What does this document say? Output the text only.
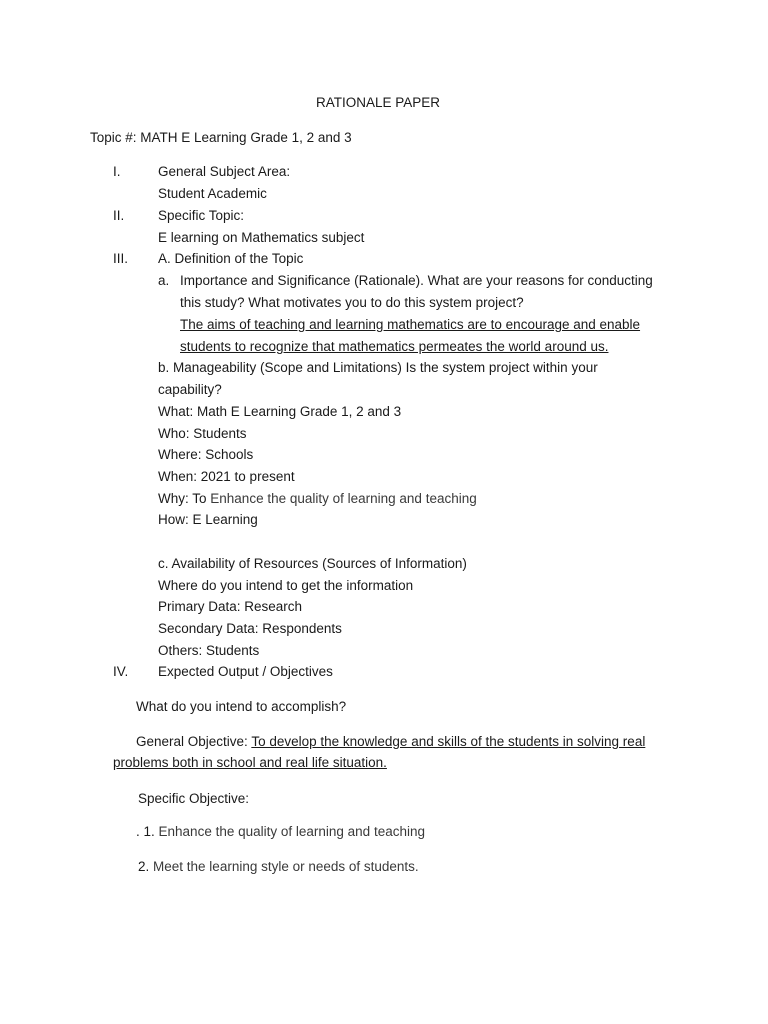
RATIONALE PAPER
Topic #: MATH E Learning Grade 1, 2 and 3
I.	General Subject Area:
Student Academic
II. Specific Topic:
E learning on Mathematics subject
III. A. Definition of the Topic
a. Importance and Significance (Rationale). What are your reasons for conducting
this study? What motivates you to do this system project?
The aims of teaching and learning mathematics are to encourage and enable
students to recognize that mathematics permeates the world around us.
b. Manageability (Scope and Limitations) Is the system project within your
capability?
What: Math E Learning Grade 1, 2 and 3
Who: Students
Where: Schools
When: 2021 to present
Why: To Enhance the quality of learning and teaching
How: E Learning
c. Availability of Resources (Sources of Information)
Where do you intend to get the information
Primary Data: Research
Secondary Data: Respondents
Others: Students
IV. Expected Output / Objectives
What do you intend to accomplish?
General Objective: To develop the knowledge and skills of the students in solving real
problems both in school and real life situation.
Specific Objective:
. 1. Enhance the quality of learning and teaching
2. Meet the learning style or needs of students.
